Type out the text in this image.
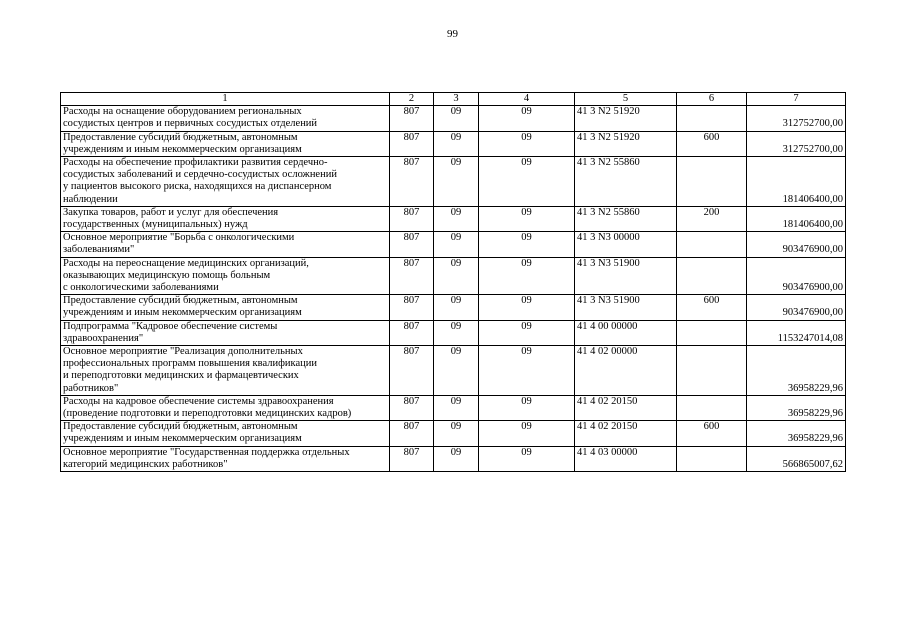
99
1	2	3	4	5	6	7
Расходы на оснащение оборудованием региональных
сосудистых центров и первичных сосудистых отделений	807	09	09	41 3 N2 51920		312752700,00
Предоставление субсидий бюджетным, автономным
учреждениям и иным некоммерческим организациям	807	09	09	41 3 N2 51920	600	312752700,00
Расходы на обеспечение профилактики развития сердечно-
сосудистых заболеваний и сердечно-сосудистых осложнений
у пациентов высокого риска, находящихся на диспансерном
наблюдении	807	09	09	41 3 N2 55860		181406400,00
Закупка товаров, работ и услуг для обеспечения
государственных (муниципальных) нужд	807	09	09	41 3 N2 55860	200	181406400,00
Основное мероприятие "Борьба с онкологическими
заболеваниями"	807	09	09	41 3 N3 00000		903476900,00
Расходы на переоснащение медицинских организаций,
оказывающих медицинскую помощь больным
с онкологическими заболеваниями	807	09	09	41 3 N3 51900		903476900,00
Предоставление субсидий бюджетным, автономным
учреждениям и иным некоммерческим организациям	807	09	09	41 3 N3 51900	600	903476900,00
Подпрограмма "Кадровое обеспечение системы
здравоохранения"	807	09	09	41 4 00 00000		1153247014,08
Основное мероприятие "Реализация дополнительных
профессиональных программ повышения квалификации
и переподготовки медицинских и фармацевтических
работников"	807	09	09	41 4 02 00000		36958229,96
Расходы на кадровое обеспечение системы здравоохранения
(проведение подготовки и переподготовки медицинских кадров)	807	09	09	41 4 02 20150		36958229,96
Предоставление субсидий бюджетным, автономным
учреждениям и иным некоммерческим организациям	807	09	09	41 4 02 20150	600	36958229,96
Основное мероприятие "Государственная поддержка отдельных
категорий медицинских работников"	807	09	09	41 4 03 00000		566865007,62
